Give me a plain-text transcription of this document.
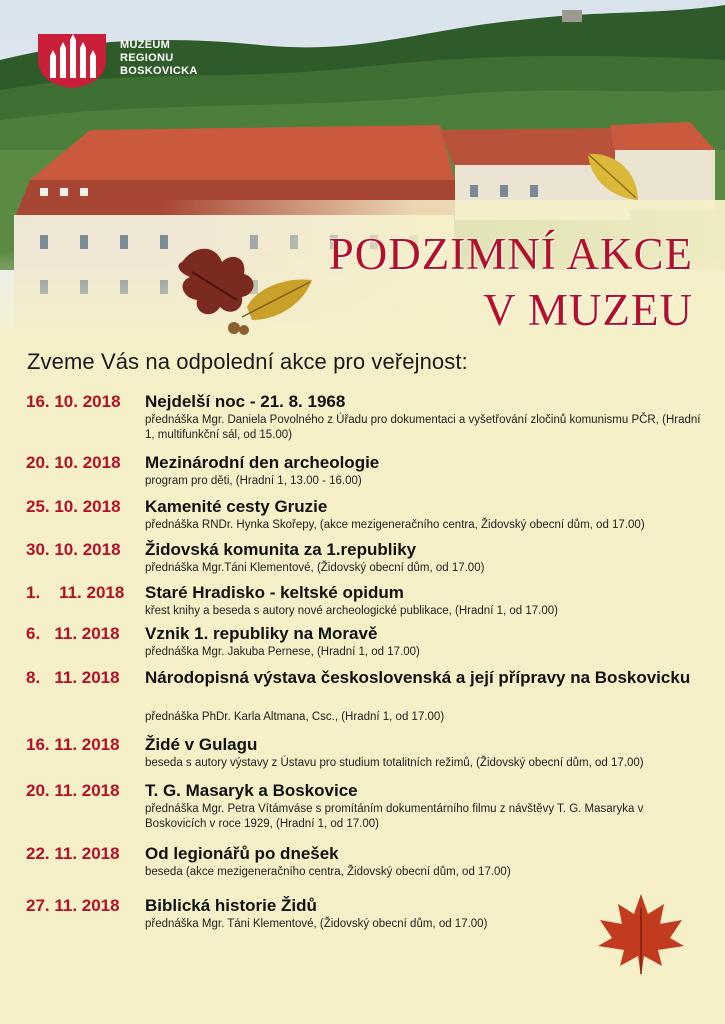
MUZEUM
REGIONU
BOSKOVICKA
PODZIMNÍ AKCE
V MUZEU
Zveme Vás na odpolední akce pro veřejnost:
16. 10. 2018	Nejdelší noc - 21. 8. 1968
přednáška Mgr. Daniela Povolného z Úřadu pro dokumentaci a vyšetřování zločinů komunismu PČR, (Hradní 1, multifunkční sál, od 15.00)
20. 10. 2018	Mezinárodní den archeologie
program pro děti, (Hradní 1, 13.00 - 16.00)
25. 10. 2018	Kamenité cesty Gruzie
přednáška RNDr. Hynka Skořepy, (akce mezigeneračního centra, Židovský obecní dům, od 17.00)
30. 10. 2018	Židovská komunita za 1.republiky
přednáška Mgr.Táni Klementové, (Židovský obecní dům, od 17.00)
1.    11. 2018	Staré Hradisko - keltské opidum
křest knihy a beseda s autory nové archeologické publikace, (Hradní 1, od 17.00)
6.   11. 2018	Vznik 1. republiky na Moravě
přednáška Mgr. Jakuba Pernese, (Hradní 1, od 17.00)
8.   11. 2018	Národopisná výstava československá a její přípravy na Boskovicku
přednáška PhDr. Karla Altmana, Csc., (Hradní 1, od 17.00)
16. 11. 2018	Židé v Gulagu
beseda s autory výstavy z Ústavu pro studium totalitních režimů, (Židovský obecní dům, od 17.00)
20. 11. 2018	T. G. Masaryk a Boskovice
přednáška Mgr. Petra Vítámváse s promítáním dokumentárního filmu z návštěvy T. G. Masaryka v Boskovicích v roce 1929, (Hradní 1, od 17.00)
22. 11. 2018	Od legionářů po dnešek
beseda (akce mezigeneračního centra, Židovský obecní dům, od 17.00)
27. 11. 2018	Biblická historie Židů
přednáška Mgr. Táni Klementové, (Židovský obecní dům, od 17.00)
